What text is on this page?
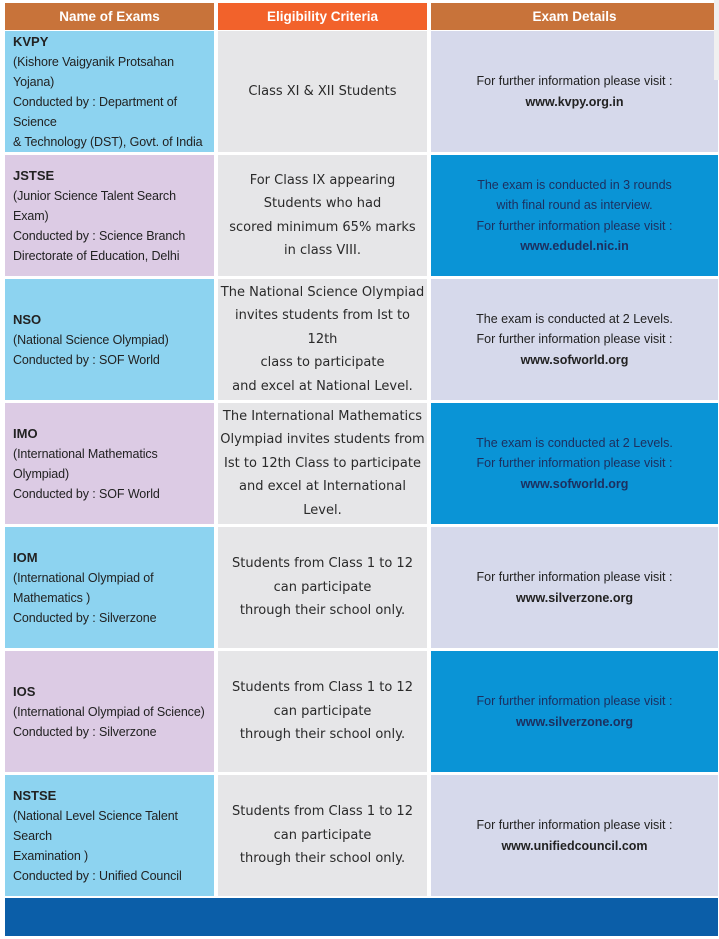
Name of Exams	Eligibility Criteria	Exam Details
KVPY
(Kishore Vaigyanik Protsahan Yojana)
Conducted by : Department of Science
& Technology (DST), Govt. of India
Class XI & XII Students
For further information please visit :
www.kvpy.org.in
JSTSE
(Junior Science Talent Search Exam)
Conducted by : Science Branch
Directorate of Education, Delhi
For Class IX appearing
Students who had
scored minimum 65% marks
in class VIII.
The exam is conducted in 3 rounds
with final round as interview.
For further information please visit :
www.edudel.nic.in
NSO
(National Science Olympiad)
Conducted by : SOF World
The National Science Olympiad
invites students from Ist to 12th
class to participate
and excel at National Level.
The exam is conducted at 2 Levels.
For further information please visit :
www.sofworld.org
IMO
(International Mathematics Olympiad)
Conducted by : SOF World
The International Mathematics
Olympiad invites students from
Ist to 12th Class to participate
and excel at International Level.
The exam is conducted at 2 Levels.
For further information please visit :
www.sofworld.org
IOM
(International Olympiad of Mathematics )
Conducted by : Silverzone
Students from Class 1 to 12
can participate
through their school only.
For further information please visit :
www.silverzone.org
IOS
(International Olympiad of Science)
Conducted by : Silverzone
Students from Class 1 to 12
can participate
through their school only.
For further information please visit :
www.silverzone.org
NSTSE
(National Level Science Talent Search
Examination )
Conducted by : Unified Council
Students from Class 1 to 12
can participate
through their school only.
For further information please visit :
www.unifiedcouncil.com
